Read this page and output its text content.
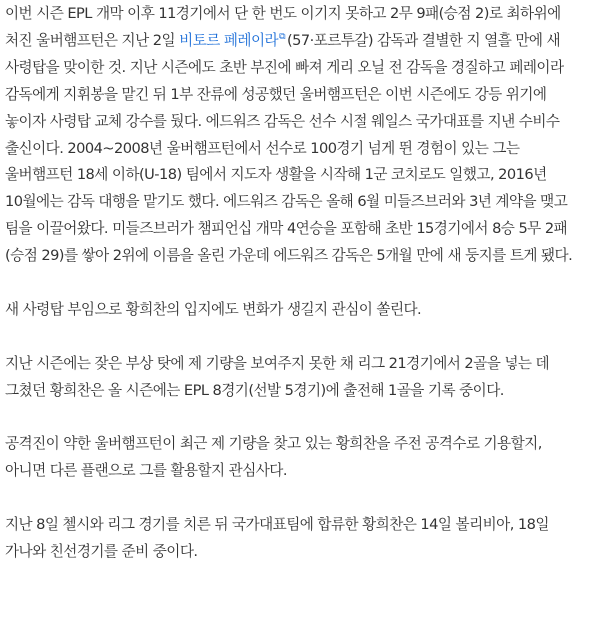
이번 시즌 EPL 개막 이후 11경기에서 단 한 번도 이기지 못하고 2무 9패(승점 2)로 최하위에 처진 울버햄프턴은 지난 2일 비토르 페레이라⧉ (57·포르투갈) 감독과 결별한 지 열흘 만에 새 사령탑을 맞이한 것. 지난 시즌에도 초반 부진에 빠져 게리 오닐 전 감독을 경질하고 페레이라 감독에게 지휘봉을 맡긴 뒤 1부 잔류에 성공했던 울버햄프턴은 이번 시즌에도 강등 위기에 놓이자 사령탑 교체 강수를 뒀다. 에드워즈 감독은 선수 시절 웨일스 국가대표를 지낸 수비수 출신이다. 2004~2008년 울버햄프턴에서 선수로 100경기 넘게 뛴 경험이 있는 그는 울버햄프턴 18세 이하(U-18) 팀에서 지도자 생활을 시작해 1군 코치로도 일했고, 2016년 10월에는 감독 대행을 맡기도 했다. 에드워즈 감독은 올해 6월 미들즈브러와 3년 계약을 맺고 팀을 이끌어왔다. 미들즈브러가 챔피언십 개막 4연승을 포함해 초반 15경기에서 8승 5무 2패(승점 29)를 쌓아 2위에 이름을 올린 가운데 에드워즈 감독은 5개월 만에 새 둥지를 트게 됐다.

새 사령탑 부임으로 황희찬의 입지에도 변화가 생길지 관심이 쏠린다.

지난 시즌에는 잦은 부상 탓에 제 기량을 보여주지 못한 채 리그 21경기에서 2골을 넣는 데 그쳤던 황희찬은 올 시즌에는 EPL 8경기(선발 5경기)에 출전해 1골을 기록 중이다.

공격진이 약한 울버햄프턴이 최근 제 기량을 찾고 있는 황희찬을 주전 공격수로 기용할지, 아니면 다른 플랜으로 그를 활용할지 관심사다.

지난 8일 첼시와 리그 경기를 치른 뒤 국가대표팀에 합류한 황희찬은 14일 볼리비아, 18일 가나와 친선경기를 준비 중이다.
